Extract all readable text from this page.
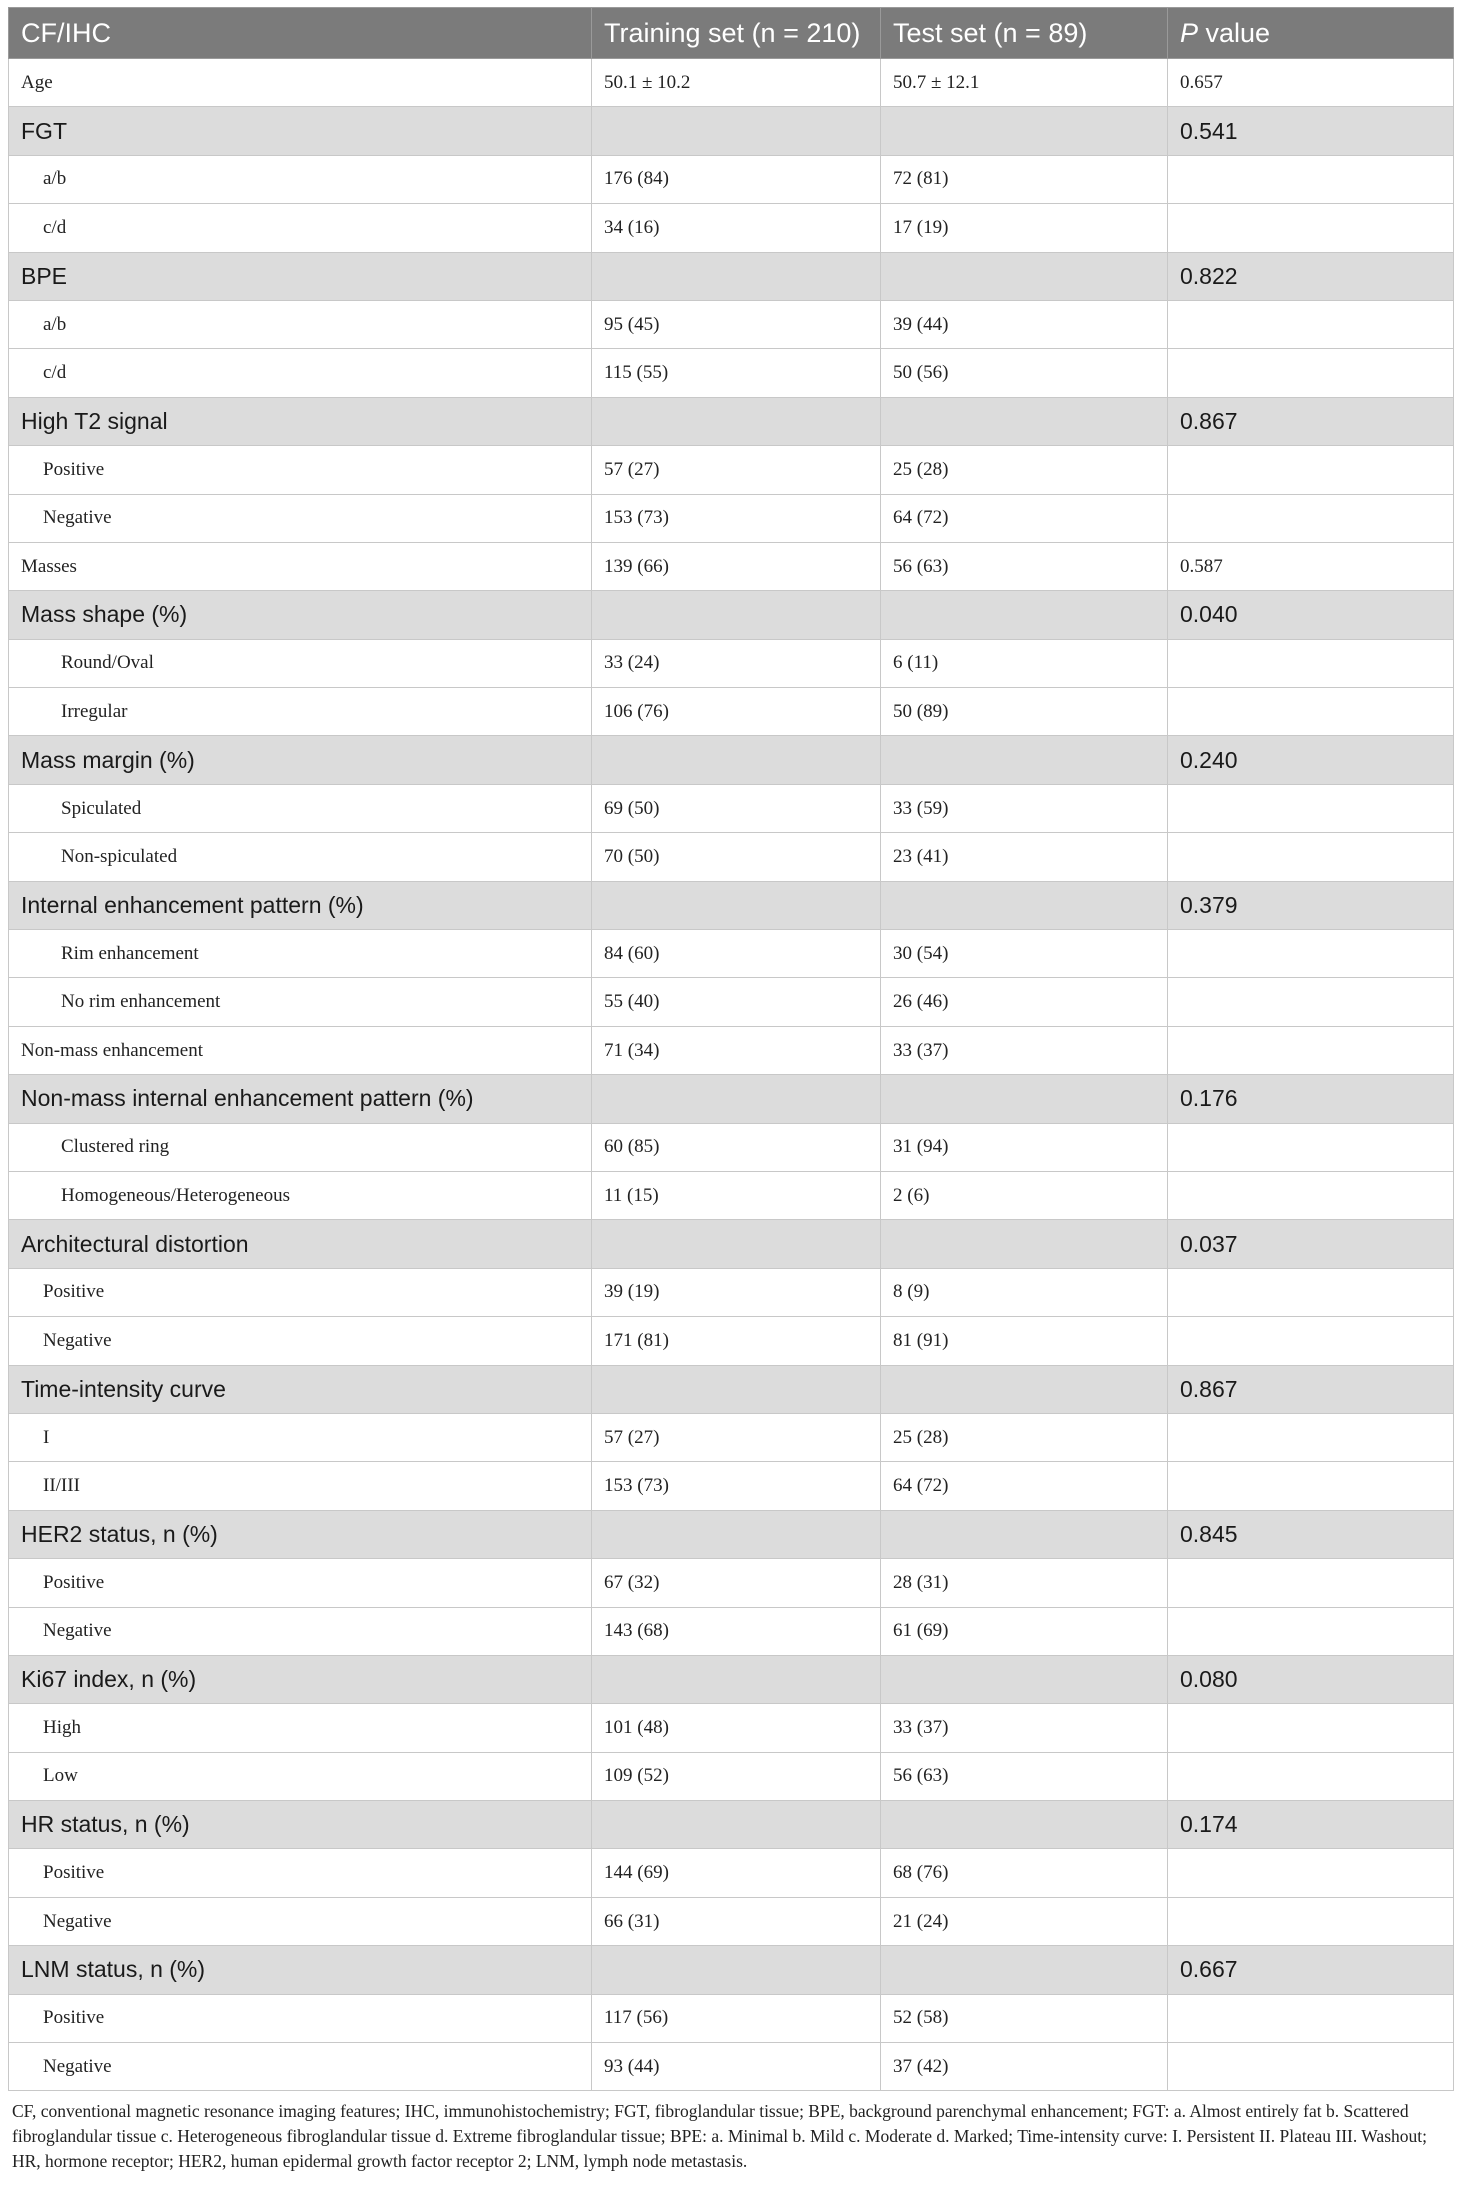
CF/IHC	Training set (n = 210)	Test set (n = 89)	P value
Age	50.1 ± 10.2	50.7 ± 12.1	0.657
FGT			0.541
a/b	176 (84)	72 (81)	
c/d	34 (16)	17 (19)	
BPE			0.822
a/b	95 (45)	39 (44)	
c/d	115 (55)	50 (56)	
High T2 signal			0.867
Positive	57 (27)	25 (28)	
Negative	153 (73)	64 (72)	
Masses	139 (66)	56 (63)	0.587
Mass shape (%)			0.040
Round/Oval	33 (24)	6 (11)	
Irregular	106 (76)	50 (89)	
Mass margin (%)			0.240
Spiculated	69 (50)	33 (59)	
Non-spiculated	70 (50)	23 (41)	
Internal enhancement pattern (%)			0.379
Rim enhancement	84 (60)	30 (54)	
No rim enhancement	55 (40)	26 (46)	
Non-mass enhancement	71 (34)	33 (37)	
Non-mass internal enhancement pattern (%)			0.176
Clustered ring	60 (85)	31 (94)	
Homogeneous/Heterogeneous	11 (15)	2 (6)	
Architectural distortion			0.037
Positive	39 (19)	8 (9)	
Negative	171 (81)	81 (91)	
Time-intensity curve			0.867
I	57 (27)	25 (28)	
II/III	153 (73)	64 (72)	
HER2 status, n (%)			0.845
Positive	67 (32)	28 (31)	
Negative	143 (68)	61 (69)	
Ki67 index, n (%)			0.080
High	101 (48)	33 (37)	
Low	109 (52)	56 (63)	
HR status, n (%)			0.174
Positive	144 (69)	68 (76)	
Negative	66 (31)	21 (24)	
LNM status, n (%)			0.667
Positive	117 (56)	52 (58)	
Negative	93 (44)	37 (42)	
CF, conventional magnetic resonance imaging features; IHC, immunohistochemistry; FGT, fibroglandular tissue; BPE, background parenchymal enhancement; FGT: a. Almost entirely fat b. Scattered fibroglandular tissue c. Heterogeneous fibroglandular tissue d. Extreme fibroglandular tissue; BPE: a. Minimal b. Mild c. Moderate d. Marked; Time-intensity curve: I. Persistent II. Plateau III. Washout; HR, hormone receptor; HER2, human epidermal growth factor receptor 2; LNM, lymph node metastasis.
